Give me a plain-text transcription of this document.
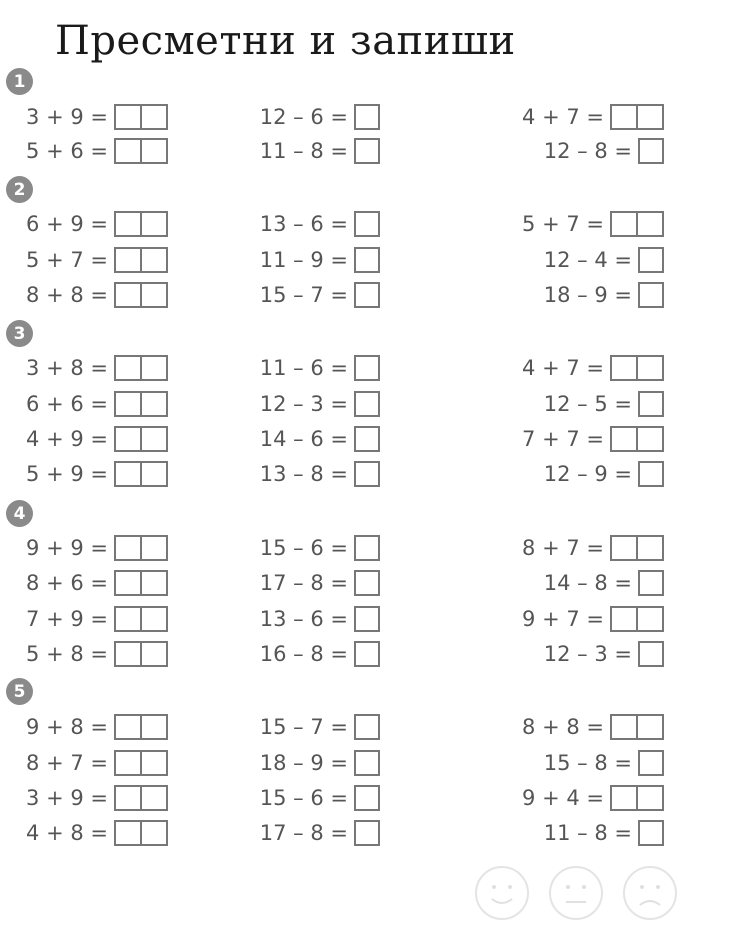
Пресметни и запиши
1
3 + 9 =	12 – 6 =	4 + 7 =
5 + 6 =	11 – 8 =	12 – 8 =
2
6 + 9 =	13 – 6 =	5 + 7 =
5 + 7 =	11 – 9 =	12 – 4 =
8 + 8 =	15 – 7 =	18 – 9 =
3
3 + 8 =	11 – 6 =	4 + 7 =
6 + 6 =	12 – 3 =	12 – 5 =
4 + 9 =	14 – 6 =	7 + 7 =
5 + 9 =	13 – 8 =	12 – 9 =
4
9 + 9 =	15 – 6 =	8 + 7 =
8 + 6 =	17 – 8 =	14 – 8 =
7 + 9 =	13 – 6 =	9 + 7 =
5 + 8 =	16 – 8 =	12 – 3 =
5
9 + 8 =	15 – 7 =	8 + 8 =
8 + 7 =	18 – 9 =	15 – 8 =
3 + 9 =	15 – 6 =	9 + 4 =
4 + 8 =	17 – 8 =	11 – 8 =
